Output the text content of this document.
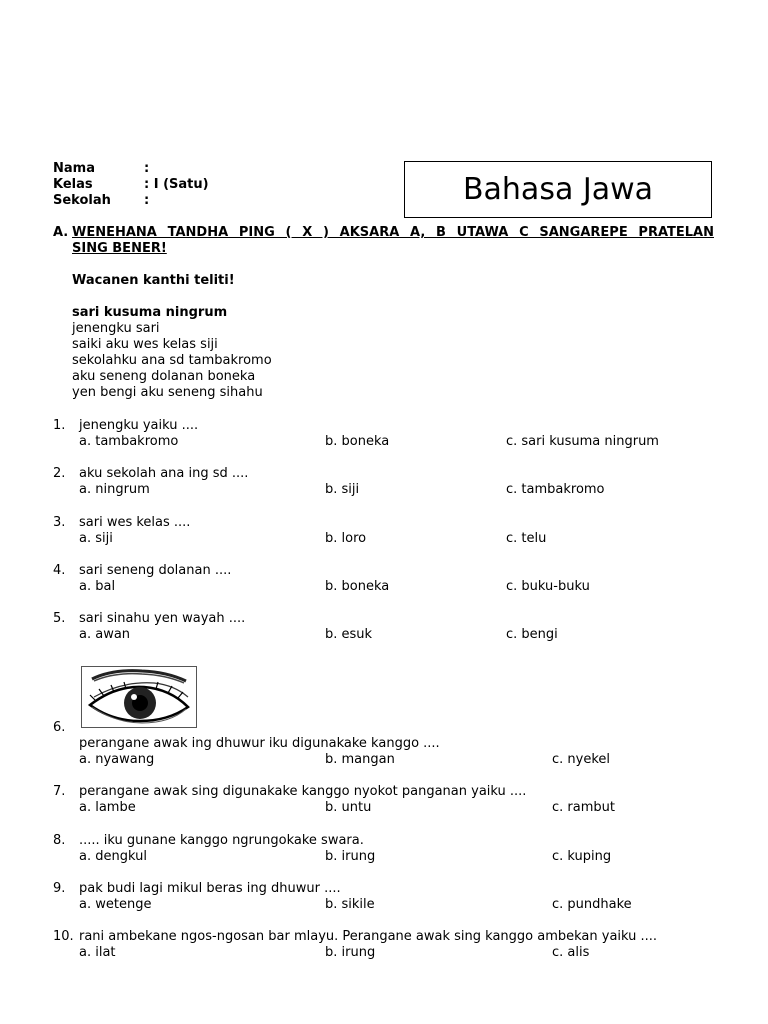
Nama	:
Kelas	: I (Satu)
Sekolah	:	Bahasa Jawa
A. WENEHANA TANDHA PING ( X ) AKSARA A, B UTAWA C SANGAREPE PRATELAN
SING BENER!
Wacanen kanthi teliti!
sari kusuma ningrum
jenengku sari
saiki aku wes kelas siji
sekolahku ana sd tambakromo
aku seneng dolanan boneka
yen bengi aku seneng sihahu
1. jenengku yaiku ....
a. tambakromo	b. boneka	c. sari kusuma ningrum
2. aku sekolah ana ing sd ....
a. ningrum	b. siji	c. tambakromo
3. sari wes kelas ....
a. siji	b. loro	c. telu
4. sari seneng dolanan ....
a. bal	b. boneka	c. buku-buku
5. sari sinahu yen wayah ....
a. awan	b. esuk	c. bengi
6.
perangane awak ing dhuwur iku digunakake kanggo ....
a. nyawang	b. mangan	c. nyekel
7. perangane awak sing digunakake kanggo nyokot panganan yaiku ....
a. lambe	b. untu	c. rambut
8. ..... iku gunane kanggo ngrungokake swara.
a. dengkul	b. irung	c. kuping
9. pak budi lagi mikul beras ing dhuwur ....
a. wetenge	b. sikile	c. pundhake
10. rani ambekane ngos-ngosan bar mlayu. Perangane awak sing kanggo ambekan yaiku ....
a. ilat	b. irung	c. alis
